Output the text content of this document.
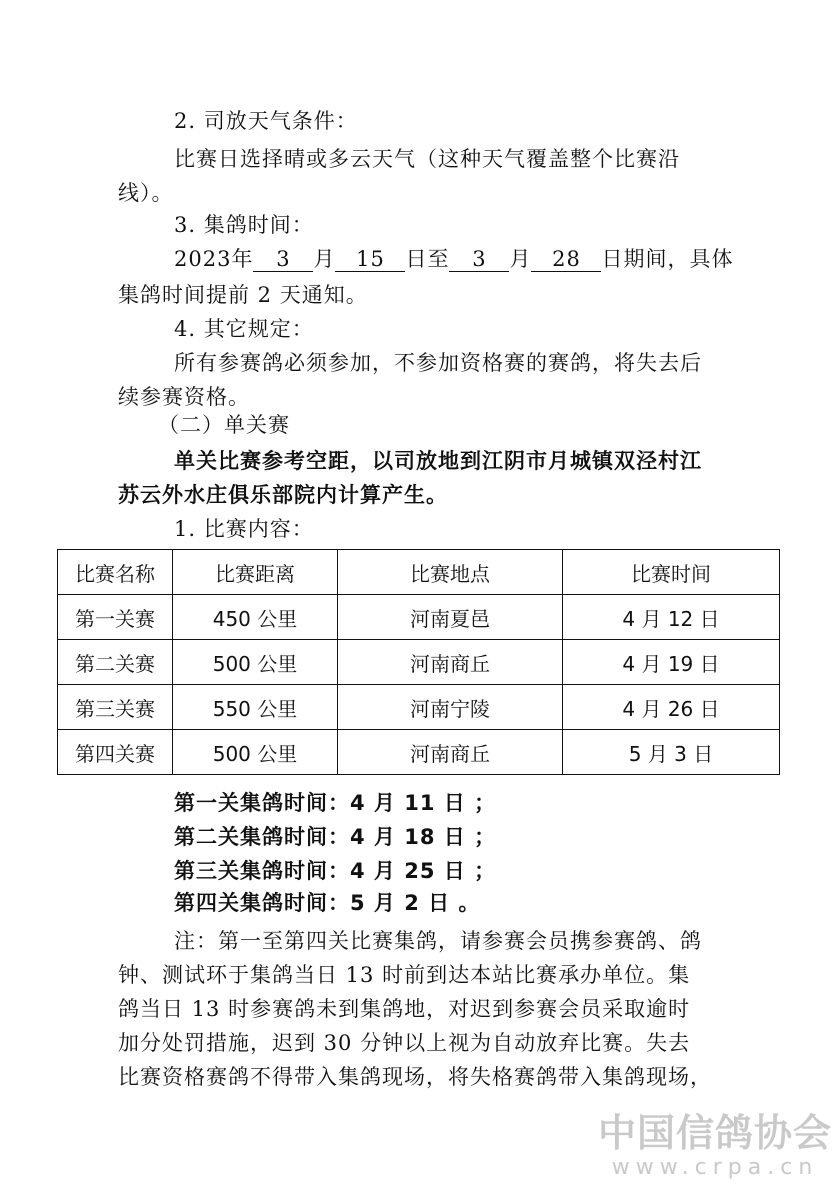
2. 司放天气条件：
比赛日选择晴或多云天气（这种天气覆盖整个比赛沿
线）。
3. 集鸽时间：
2023年 3 月 15 日至 3 月 28 日期间，具体
集鸽时间提前 2 天通知。
4. 其它规定：
所有参赛鸽必须参加，不参加资格赛的赛鸽，将失去后
续参赛资格。
（二）单关赛
单关比赛参考空距，以司放地到江阴市月城镇双泾村江
苏云外水庄俱乐部院内计算产生。
1. 比赛内容：
比赛名称	比赛距离	比赛地点	比赛时间
第一关赛	450 公里	河南夏邑	4 月 12 日
第二关赛	500 公里	河南商丘	4 月 19 日
第三关赛	550 公里	河南宁陵	4 月 26 日
第四关赛	500 公里	河南商丘	5 月 3 日
第一关集鸽时间：4 月 11 日 ；
第二关集鸽时间：4 月 18 日 ；
第三关集鸽时间：4 月 25 日 ；
第四关集鸽时间：5 月 2 日 。
注：第一至第四关比赛集鸽，请参赛会员携参赛鸽、鸽
钟、测试环于集鸽当日 13 时前到达本站比赛承办单位。集
鸽当日 13 时参赛鸽未到集鸽地，对迟到参赛会员采取逾时
加分处罚措施，迟到 30 分钟以上视为自动放弃比赛。失去
比赛资格赛鸽不得带入集鸽现场，将失格赛鸽带入集鸽现场，
中国信鸽协会
www.crpa.cn
